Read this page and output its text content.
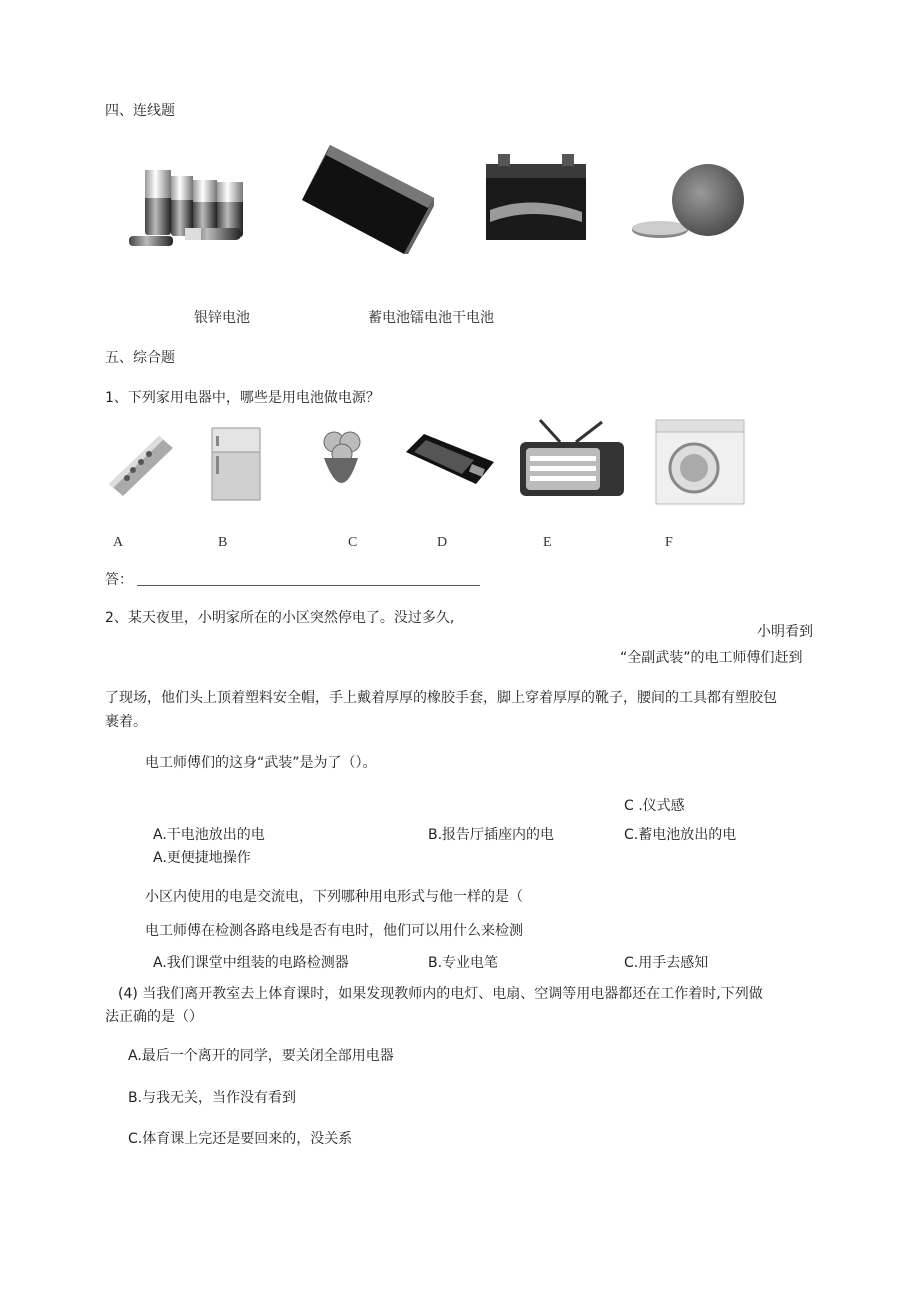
四、连线题
银锌电池	蓄电池镭电池干电池
五、综合题
1、下列家用电器中，哪些是用电池做电源？
A	B	C	D	E	F
答：
2、某天夜里，小明家所在的小区突然停电了。没过多久,
小明看到
“全副武装”的电工师傅们赶到
了现场，他们头上顶着塑料安全帽，手上戴着厚厚的橡胶手套，脚上穿着厚厚的靴子，腰间的工具都有塑胶包
裹着。
电工师傅们的这身“武装”是为了（）。
C .仪式感
A.干电池放出的电	B.报告厅插座内的电	C.蓄电池放出的电
A.更便捷地操作
小区内使用的电是交流电，下列哪种用电形式与他一样的是（
电工师傅在检测各路电线是否有电时，他们可以用什么来检测
A.我们课堂中组装的电路检测器	B.专业电笔	C.用手去感知
(4) 当我们离开教室去上体育课时，如果发现教师内的电灯、电扇、空调等用电器都还在工作着时,下列做
法正确的是（）
A.最后一个离开的同学，要关闭全部用电器
B.与我无关，当作没有看到
C.体育课上完还是要回来的，没关系
